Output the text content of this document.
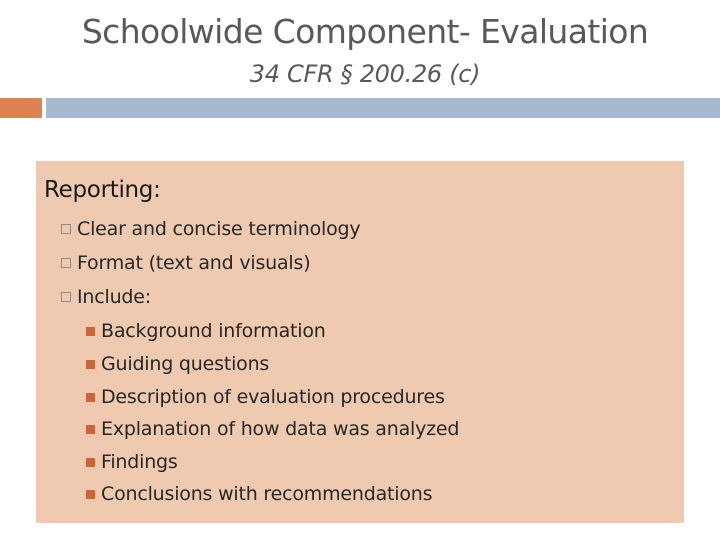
Schoolwide Component- Evaluation
34 CFR § 200.26 (c)
Reporting:
Clear and concise terminology
Format (text and visuals)
Include:
Background information
Guiding questions
Description of evaluation procedures
Explanation of how data was analyzed
Findings
Conclusions with recommendations
